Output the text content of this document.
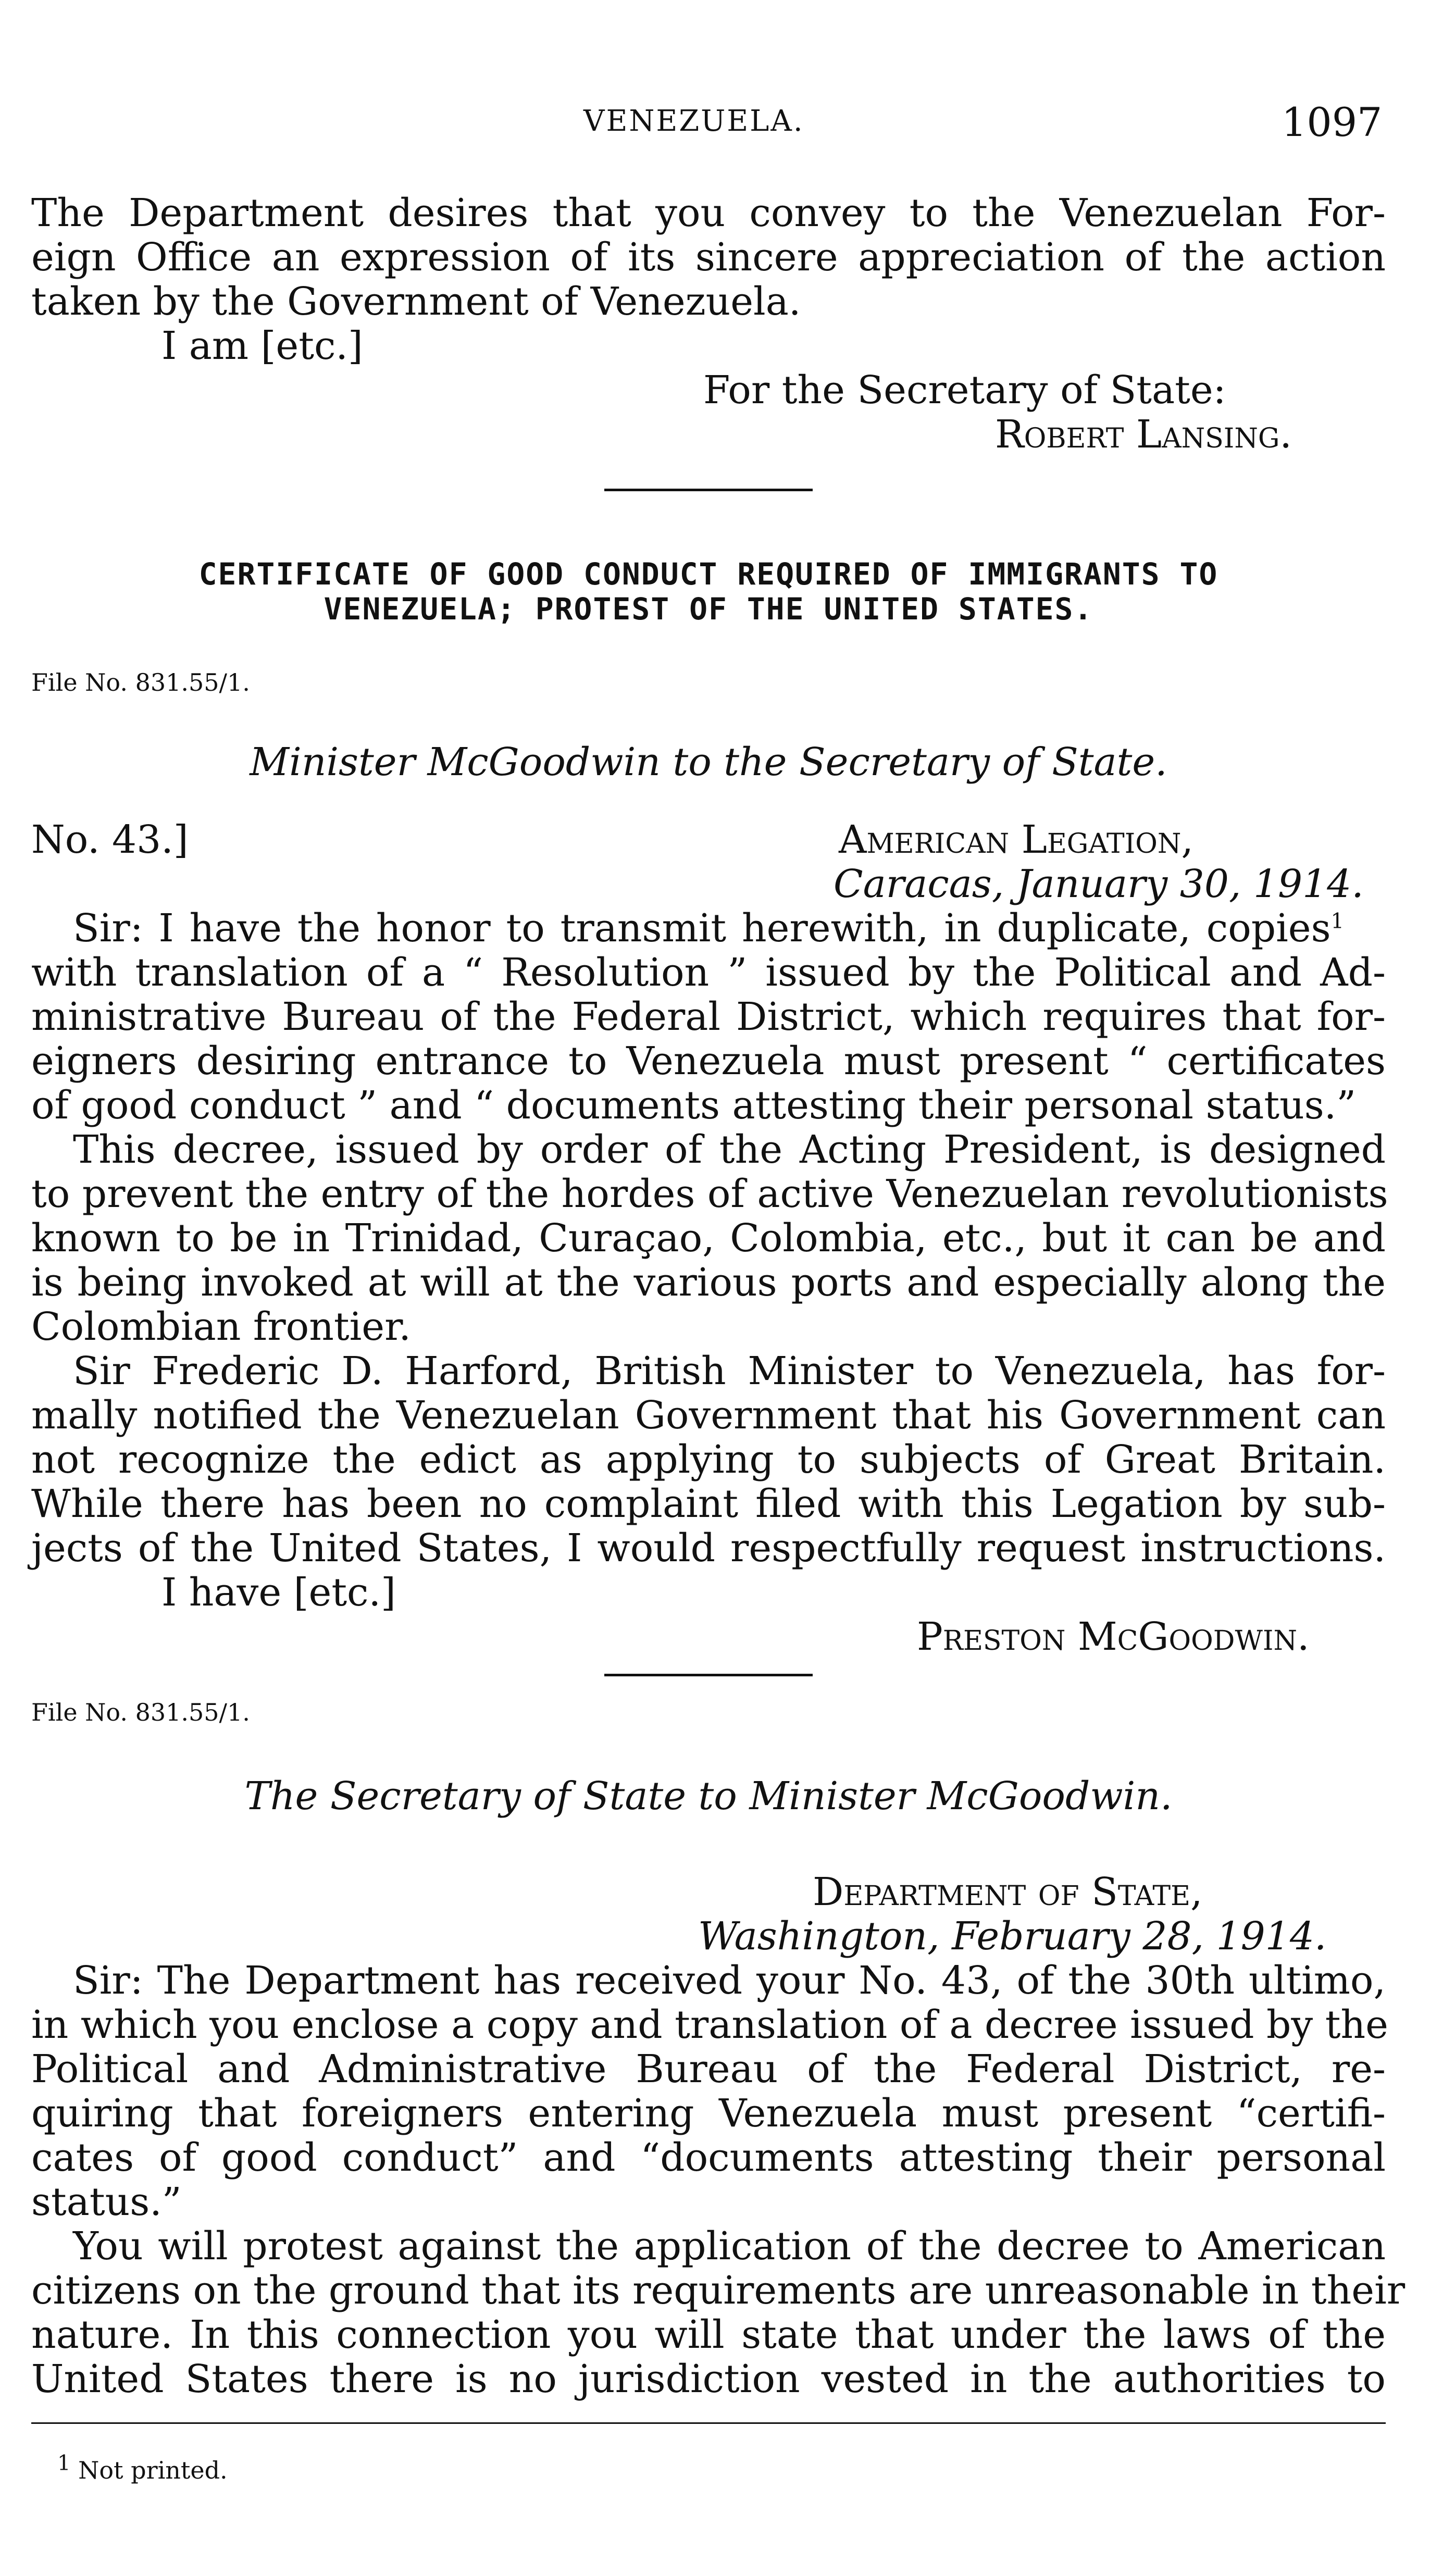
VENEZUELA.	1097
The Department desires that you convey to the Venezuelan For-
eign Office an expression of its sincere appreciation of the action
taken by the Government of Venezuela.
I am [etc.]
For the Secretary of State:
Robert Lansing.
CERTIFICATE OF GOOD CONDUCT REQUIRED OF IMMIGRANTS TO
VENEZUELA; PROTEST OF THE UNITED STATES.
File No. 831.55/1.
Minister McGoodwin to the Secretary of State.
No. 43.]	American Legation,
Caracas, January 30, 1914.
Sir: I have the honor to transmit herewith, in duplicate, copies$^1$
with translation of a “ Resolution ” issued by the Political and Ad-
ministrative Bureau of the Federal District, which requires that for-
eigners desiring entrance to Venezuela must present “ certificates
of good conduct ” and “ documents attesting their personal status.”
This decree, issued by order of the Acting President, is designed
to prevent the entry of the hordes of active Venezuelan revolutionists
known to be in Trinidad, Curaçao, Colombia, etc., but it can be and
is being invoked at will at the various ports and especially along the
Colombian frontier.
Sir Frederic D. Harford, British Minister to Venezuela, has for-
mally notified the Venezuelan Government that his Government can
not recognize the edict as applying to subjects of Great Britain.
While there has been no complaint filed with this Legation by sub-
jects of the United States, I would respectfully request instructions.
I have [etc.]
Preston McGoodwin.
File No. 831.55/1.
The Secretary of State to Minister McGoodwin.
Department of State,
Washington, February 28, 1914.
Sir: The Department has received your No. 43, of the 30th ultimo,
in which you enclose a copy and translation of a decree issued by the
Political and Administrative Bureau of the Federal District, re-
quiring that foreigners entering Venezuela must present “certifi-
cates of good conduct” and “documents attesting their personal
status.”
You will protest against the application of the decree to American
citizens on the ground that its requirements are unreasonable in their
nature. In this connection you will state that under the laws of the
United States there is no jurisdiction vested in the authorities to
1 Not printed.
